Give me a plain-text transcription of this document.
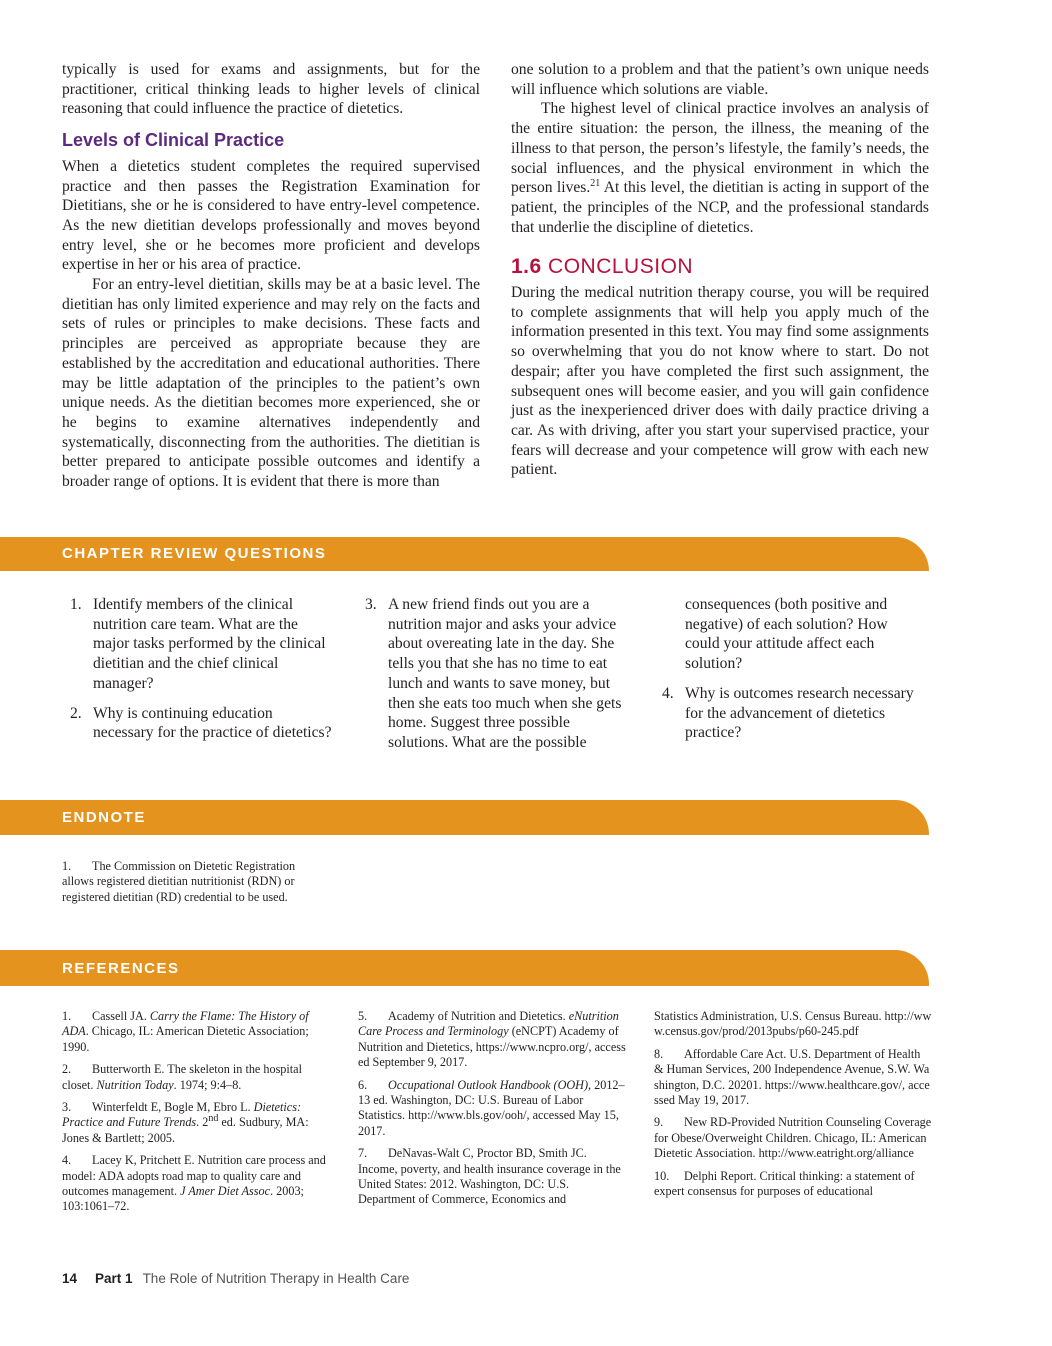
typically is used for exams and assignments, but for the practitioner, critical thinking leads to higher levels of clinical reasoning that could influence the practice of dietetics.

Levels of Clinical Practice

When a dietetics student completes the required supervised practice and then passes the Registration Examination for Dietitians, she or he is considered to have entry-level competence. As the new dietitian develops professionally and moves beyond entry level, she or he becomes more proficient and develops expertise in her or his area of practice.

For an entry-level dietitian, skills may be at a basic level. The dietitian has only limited experience and may rely on the facts and sets of rules or principles to make decisions. These facts and principles are perceived as appropriate because they are established by the accreditation and educational authorities. There may be little adaptation of the principles to the patient’s own unique needs. As the dietitian becomes more experienced, she or he begins to examine alternatives independently and systematically, disconnecting from the authorities. The dietitian is better prepared to anticipate possible outcomes and identify a broader range of options. It is evident that there is more than

one solution to a problem and that the patient’s own unique needs will influence which solutions are viable.

The highest level of clinical practice involves an analysis of the entire situation: the person, the illness, the meaning of the illness to that person, the person’s lifestyle, the family’s needs, the social influences, and the physical environment in which the person lives.$^{21}$ At this level, the dietitian is acting in support of the patient, the principles of the NCP, and the professional standards that underlie the discipline of dietetics.

1.6 CONCLUSION

During the medical nutrition therapy course, you will be required to complete assignments that will help you apply much of the information presented in this text. You may find some assignments so overwhelming that you do not know where to start. Do not despair; after you have completed the first such assignment, the subsequent ones will become easier, and you will gain confidence just as the inexperienced driver does with daily practice driving a car. As with driving, after you start your supervised practice, your fears will decrease and your competence will grow with each new patient.

CHAPTER REVIEW QUESTIONS
1. Identify members of the clinical nutrition care team. What are the major tasks performed by the clinical dietitian and the chief clinical manager?
2. Why is continuing education necessary for the practice of dietetics?
3. A new friend finds out you are a nutrition major and asks your advice about overeating late in the day. She tells you that she has no time to eat lunch and wants to save money, but then she eats too much when she gets home. Suggest three possible solutions. What are the possible
consequences (both positive and negative) of each solution? How could your attitude affect each solution?
4. Why is outcomes research necessary for the advancement of dietetics practice?
ENDNOTE
1. The Commission on Dietetic Registration allows registered dietitian nutritionist (RDN) or registered dietitian (RD) credential to be used.
REFERENCES
1. Cassell JA. Carry the Flame: The History of ADA. Chicago, IL: American Dietetic Association; 1990.
2. Butterworth E. The skeleton in the hospital closet. Nutrition Today. 1974; 9:4–8.
3. Winterfeldt E, Bogle M, Ebro L. Dietetics: Practice and Future Trends. 2nd ed. Sudbury, MA: Jones & Bartlett; 2005.
4. Lacey K, Pritchett E. Nutrition care process and model: ADA adopts road map to quality care and outcomes management. J Amer Diet Assoc. 2003; 103:1061–72.
5. Academy of Nutrition and Dietetics. eNutrition Care Process and Terminology (eNCPT) Academy of Nutrition and Dietetics, https://www.ncpro.org/, accessed September 9, 2017.
6. Occupational Outlook Handbook (OOH), 2012–13 ed. Washington, DC: U.S. Bureau of Labor Statistics. http://www.bls.gov/ooh/, accessed May 15, 2017.
7. DeNavas-Walt C, Proctor BD, Smith JC. Income, poverty, and health insurance coverage in the United States: 2012. Washington, DC: U.S. Department of Commerce, Economics and
Statistics Administration, U.S. Census Bureau. http://www.census.gov/prod/2013pubs/p60-245.pdf
8. Affordable Care Act. U.S. Department of Health & Human Services, 200 Independence Avenue, S.W. Washington, D.C. 20201. https://www.healthcare.gov/, accessed May 19, 2017.
9. New RD-Provided Nutrition Counseling Coverage for Obese/Overweight Children. Chicago, IL: American Dietetic Association. http://www.eatright.org/alliance
10. Delphi Report. Critical thinking: a statement of expert consensus for purposes of educational
14 Part 1 The Role of Nutrition Therapy in Health Care
